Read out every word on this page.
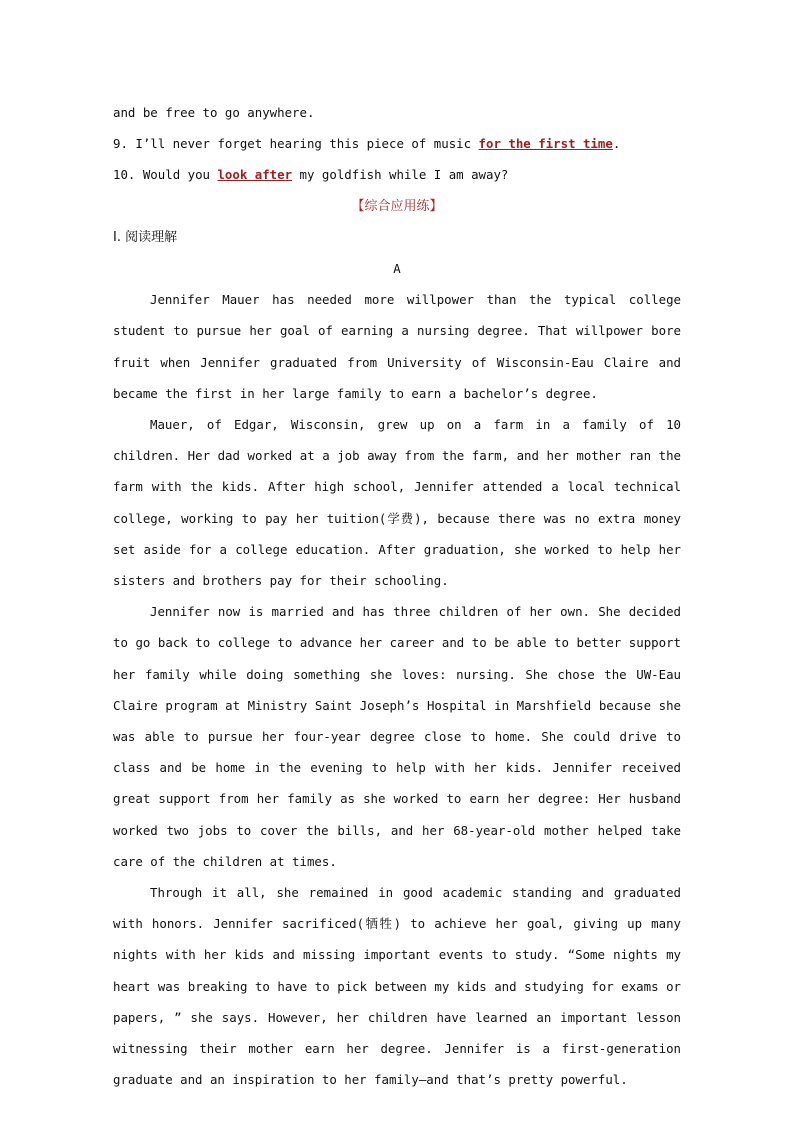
and be free to go anywhere.

9. I’ll never forget hearing this piece of music for the first time.

10. Would you look after my goldfish while I am away?

【综合应用练】

Ⅰ. 阅读理解

A

Jennifer Mauer has needed more willpower than the typical college student to pursue her goal of earning a nursing degree. That willpower bore fruit when Jennifer graduated from University of Wisconsin-Eau Claire and became the first in her large family to earn a bachelor’s degree.

Mauer, of Edgar, Wisconsin, grew up on a farm in a family of 10 children. Her dad worked at a job away from the farm, and her mother ran the farm with the kids. After high school, Jennifer attended a local technical college, working to pay her tuition(学费), because there was no extra money set aside for a college education. After graduation, she worked to help her sisters and brothers pay for their schooling.

Jennifer now is married and has three children of her own. She decided to go back to college to advance her career and to be able to better support her family while doing something she loves: nursing. She chose the UW-Eau Claire program at Ministry Saint Joseph’s Hospital in Marshfield because she was able to pursue her four-year degree close to home. She could drive to class and be home in the evening to help with her kids. Jennifer received great support from her family as she worked to earn her degree: Her husband worked two jobs to cover the bills, and her 68-year-old mother helped take care of the children at times.

Through it all, she remained in good academic standing and graduated with honors. Jennifer sacrificed(牺牲) to achieve her goal, giving up many nights with her kids and missing important events to study. “Some nights my heart was breaking to have to pick between my kids and studying for exams or papers, ” she says. However, her children have learned an important lesson witnessing their mother earn her degree. Jennifer is a first-generation graduate and an inspiration to her family—and that’s pretty powerful.
